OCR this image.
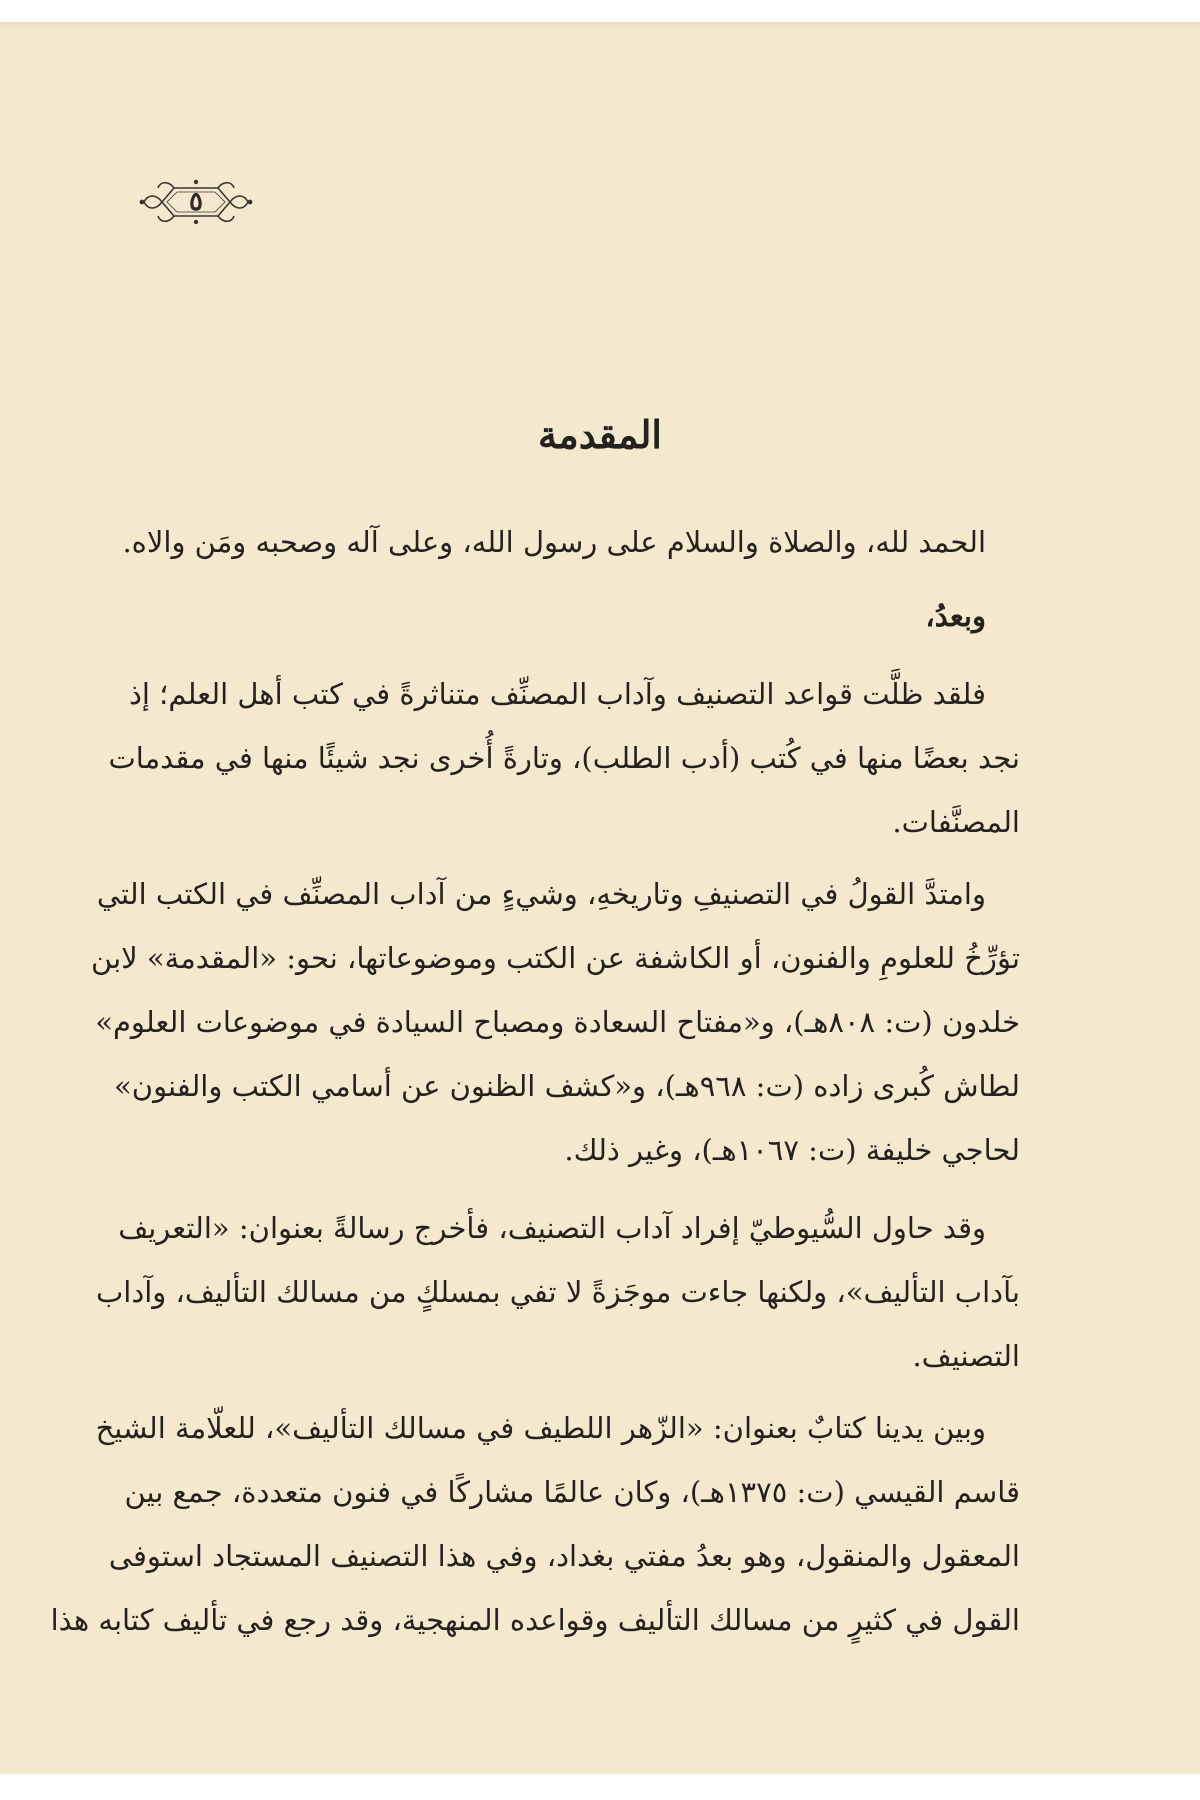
٥
المقدمة
الحمد لله، والصلاة والسلام على رسول الله، وعلى آله وصحبه ومَن والاه.
وبعدُ،
فلقد ظلَّت قواعد التصنيف وآداب المصنِّف متناثرةً في كتب أهل العلم؛ إذ
نجد بعضًا منها في كُتب (أدب الطلب)، وتارةً أُخرى نجد شيئًا منها في مقدمات
المصنَّفات.
وامتدَّ القولُ في التصنيفِ وتاريخهِ، وشيءٍ من آداب المصنِّف في الكتب التي
تؤرِّخُ للعلومِ والفنون، أو الكاشفة عن الكتب وموضوعاتها، نحو: «المقدمة» لابن
خلدون (ت: ٨٠٨هـ)، و«مفتاح السعادة ومصباح السيادة في موضوعات العلوم»
لطاش كُبرى زاده (ت: ٩٦٨هـ)، و«كشف الظنون عن أسامي الكتب والفنون»
لحاجي خليفة (ت: ١٠٦٧هـ)، وغير ذلك.
وقد حاول السُّيوطيّ إفراد آداب التصنيف، فأخرج رسالةً بعنوان: «التعريف
بآداب التأليف»، ولكنها جاءت موجَزةً لا تفي بمسلكٍ من مسالك التأليف، وآداب
التصنيف.
وبين يدينا كتابٌ بعنوان: «الزّهر اللطيف في مسالك التأليف»، للعلّامة الشيخ
قاسم القيسي (ت: ١٣٧٥هـ)، وكان عالمًا مشاركًا في فنون متعددة، جمع بين
المعقول والمنقول، وهو بعدُ مفتي بغداد، وفي هذا التصنيف المستجاد استوفى
القول في كثيرٍ من مسالك التأليف وقواعده المنهجية، وقد رجع في تأليف كتابه هذا
